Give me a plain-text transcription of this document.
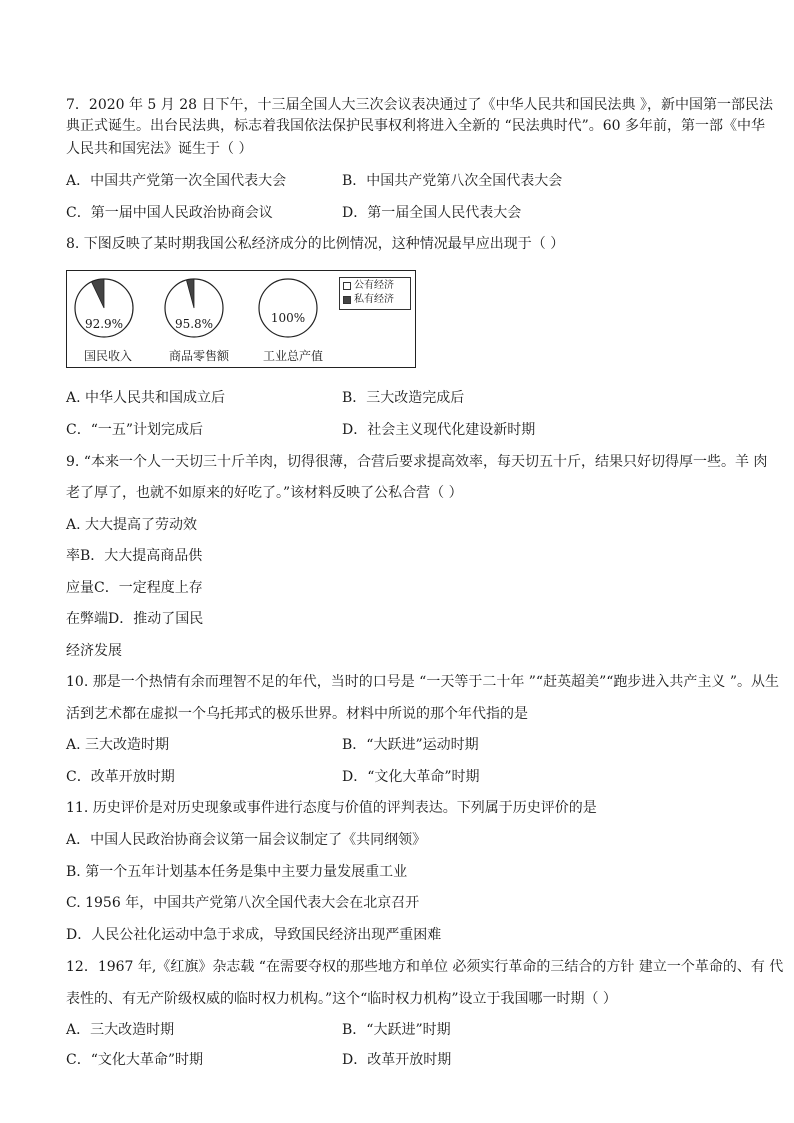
7．2020 年 5 月 28 日下午，十三届全国人大三次会议表决通过了《中华人民共和国民法典 》，新中国第一部民法
典正式诞生。出台民法典，标志着我国依法保护民事权利将进入全新的 “民法典时代”。60 多年前，第一部《中华
人民共和国宪法》诞生于（ ）
A．中国共产党第一次全国代表大会	B．中国共产党第八次全国代表大会
C．第一届中国人民政治协商会议	D．第一届全国人民代表大会
8. 下图反映了某时期我国公私经济成分的比例情况，这种情况最早应出现于（ ）
92.9%
国民收入
95.8%
商品零售额
100%
工业总产值
公有经济
私有经济
A. 中华人民共和国成立后	B．三大改造完成后
C．“一五”计划完成后	D．社会主义现代化建设新时期
9. “本来一个人一天切三十斤羊肉，切得很薄，合营后要求提高效率，每天切五十斤，结果只好切得厚一些。羊 肉
老了厚了，也就不如原来的好吃了。”该材料反映了公私合营（ ）
A. 大大提高了劳动效
率B．大大提高商品供
应量C．一定程度上存
在弊端D．推动了国民
经济发展
10. 那是一个热情有余而理智不足的年代，当时的口号是 “一天等于二十年 ”“赶英超美”“跑步进入共产主义 ”。从生
活到艺术都在虚拟一个乌托邦式的极乐世界。材料中所说的那个年代指的是
A. 三大改造时期	B．“大跃进”运动时期
C．改革开放时期	D．“文化大革命”时期
11. 历史评价是对历史现象或事件进行态度与价值的评判表达。下列属于历史评价的是
A．中国人民政治协商会议第一届会议制定了《共同纲领》
B. 第一个五年计划基本任务是集中主要力量发展重工业
C. 1956 年，中国共产党第八次全国代表大会在北京召开
D．人民公社化运动中急于求成，导致国民经济出现严重困难
12．1967 年,《红旗》杂志载 “在需要夺权的那些地方和单位 必须实行革命的三结合的方针 建立一个革命的、有 代
表性的、有无产阶级权威的临时权力机构。”这个“临时权力机构”设立于我国哪一时期（ ）
A．三大改造时期	B．“大跃进”时期
C．“文化大革命”时期	D．改革开放时期
